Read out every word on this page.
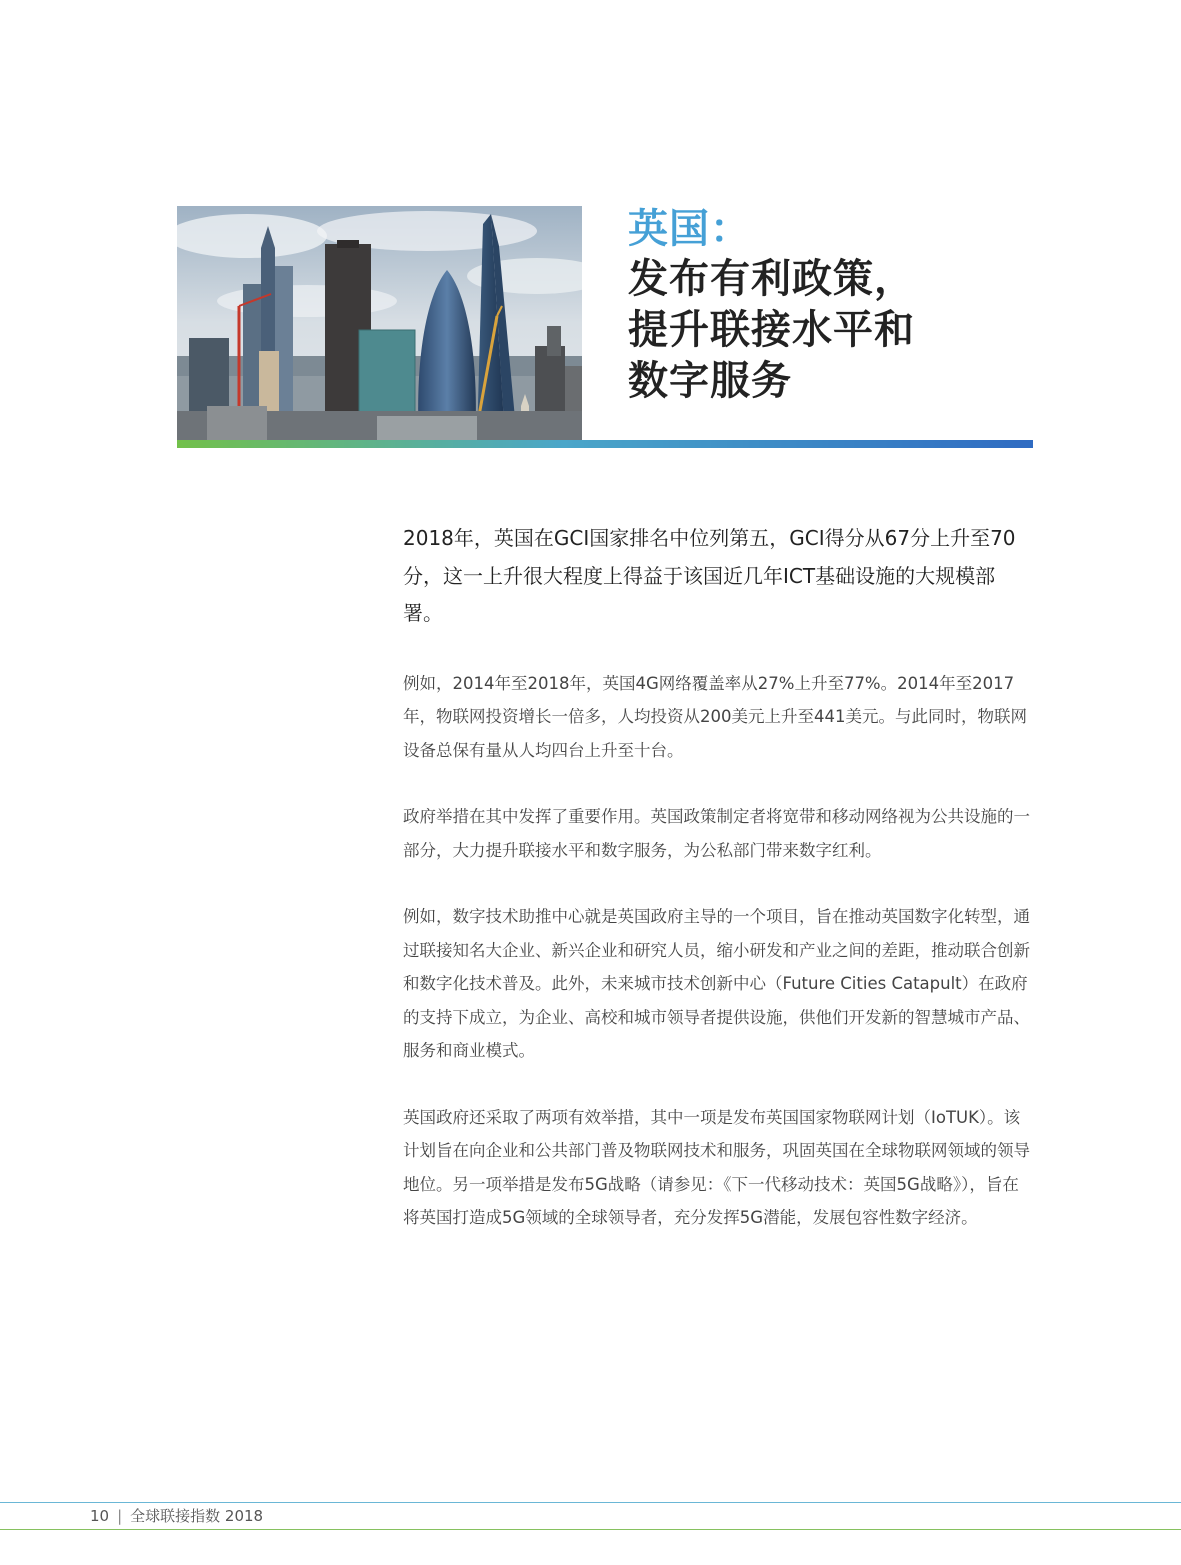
英国：
发布有利政策，
提升联接水平和
数字服务

2018年，英国在GCI国家排名中位列第五，GCI得分从67分上升至70分，这一上升很大程度上得益于该国近几年ICT基础设施的大规模部署。

例如，2014年至2018年，英国4G网络覆盖率从27%上升至77%。2014年至2017年，物联网投资增长一倍多，人均投资从200美元上升至441美元。与此同时，物联网设备总保有量从人均四台上升至十台。

政府举措在其中发挥了重要作用。英国政策制定者将宽带和移动网络视为公共设施的一部分，大力提升联接水平和数字服务，为公私部门带来数字红利。

例如，数字技术助推中心就是英国政府主导的一个项目，旨在推动英国数字化转型，通过联接知名大企业、新兴企业和研究人员，缩小研发和产业之间的差距，推动联合创新和数字化技术普及。此外，未来城市技术创新中心（Future Cities Catapult）在政府的支持下成立，为企业、高校和城市领导者提供设施，供他们开发新的智慧城市产品、服务和商业模式。

英国政府还采取了两项有效举措，其中一项是发布英国国家物联网计划（IoTUK）。该计划旨在向企业和公共部门普及物联网技术和服务，巩固英国在全球物联网领域的领导地位。另一项举措是发布5G战略（请参见：《下一代移动技术：英国5G战略》），旨在将英国打造成5G领域的全球领导者，充分发挥5G潜能，发展包容性数字经济。

10 | 全球联接指数 2018
